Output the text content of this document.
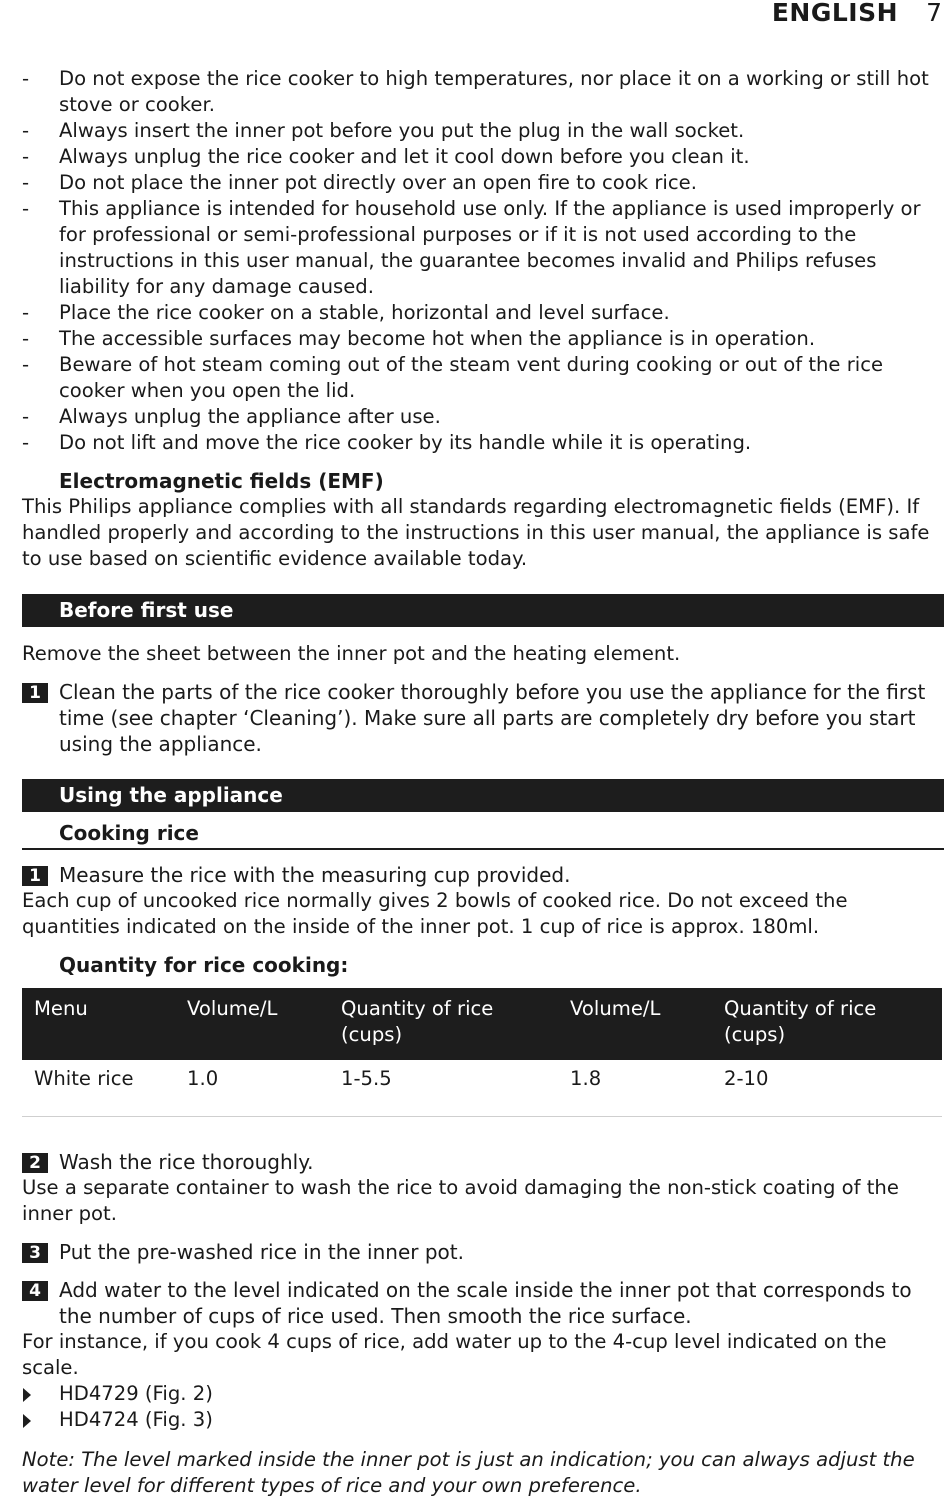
ENGLISH 7
- Do not expose the rice cooker to high temperatures, nor place it on a working or still hot stove or cooker.
- Always insert the inner pot before you put the plug in the wall socket.
- Always unplug the rice cooker and let it cool down before you clean it.
- Do not place the inner pot directly over an open fire to cook rice.
- This appliance is intended for household use only. If the appliance is used improperly or for professional or semi-professional purposes or if it is not used according to the instructions in this user manual, the guarantee becomes invalid and Philips refuses liability for any damage caused.
- Place the rice cooker on a stable, horizontal and level surface.
- The accessible surfaces may become hot when the appliance is in operation.
- Beware of hot steam coming out of the steam vent during cooking or out of the rice cooker when you open the lid.
- Always unplug the appliance after use.
- Do not lift and move the rice cooker by its handle while it is operating.
Electromagnetic fields (EMF)

This Philips appliance complies with all standards regarding electromagnetic fields (EMF). If handled properly and according to the instructions in this user manual, the appliance is safe to use based on scientific evidence available today.

Before first use

Remove the sheet between the inner pot and the heating element.

1 Clean the parts of the rice cooker thoroughly before you use the appliance for the first time (see chapter ‘Cleaning’). Make sure all parts are completely dry before you start using the appliance.
Using the appliance
Cooking rice
1 Measure the rice with the measuring cup provided.

Each cup of uncooked rice normally gives 2 bowls of cooked rice. Do not exceed the quantities indicated on the inside of the inner pot. 1 cup of rice is approx. 180ml.

Quantity for rice cooking:
Menu	Volume/L	Quantity of rice (cups)	Volume/L	Quantity of rice (cups)
White rice	1.0	1-5.5	1.8	2-10
2 Wash the rice thoroughly.

Use a separate container to wash the rice to avoid damaging the non-stick coating of the inner pot.

3 Put the pre-washed rice in the inner pot.
4 Add water to the level indicated on the scale inside the inner pot that corresponds to the number of cups of rice used. Then smooth the rice surface.

For instance, if you cook 4 cups of rice, add water up to the 4-cup level indicated on the scale.

HD4729 (Fig. 2)
HD4724 (Fig. 3)

Note: The level marked inside the inner pot is just an indication; you can always adjust the water level for different types of rice and your own preference.
